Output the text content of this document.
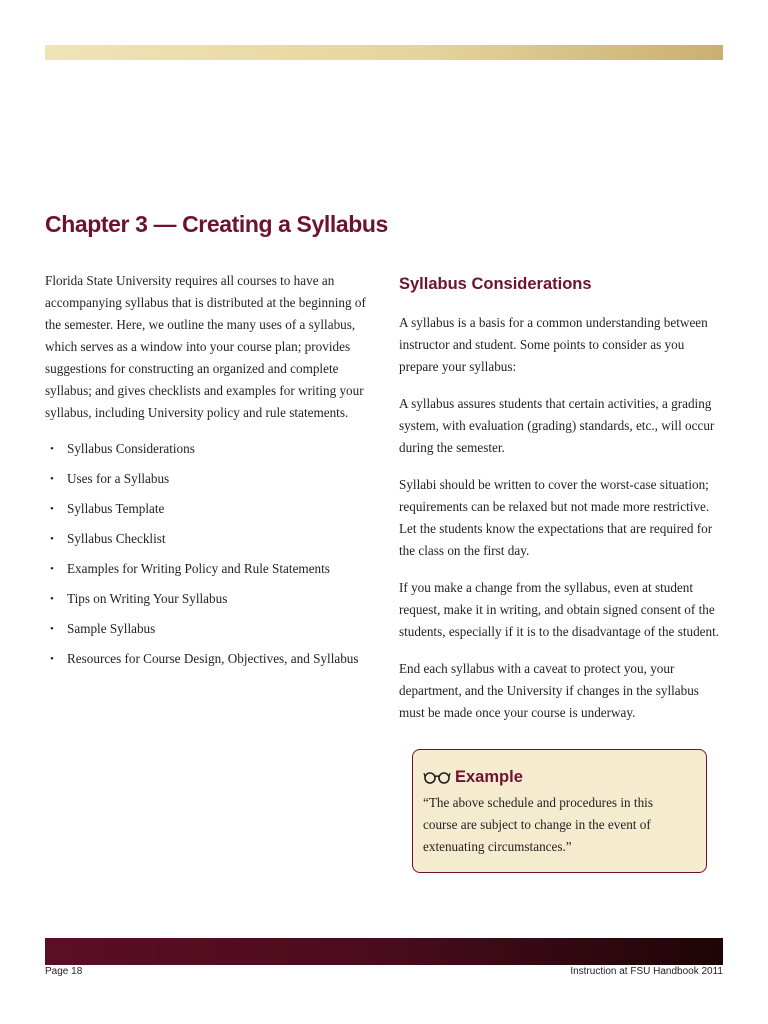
Chapter 3 — Creating a Syllabus

Florida State University requires all courses to have an accompanying syllabus that is distributed at the beginning of the semester. Here, we outline the many uses of a syllabus, which serves as a window into your course plan; provides suggestions for constructing an organized and complete syllabus; and gives checklists and examples for writing your syllabus, including University policy and rule statements.

• Syllabus Considerations
• Uses for a Syllabus
• Syllabus Template
• Syllabus Checklist
• Examples for Writing Policy and Rule Statements
• Tips on Writing Your Syllabus
• Sample Syllabus
• Resources for Course Design, Objectives, and Syllabus
Syllabus Considerations

A syllabus is a basis for a common understanding between instructor and student. Some points to consider as you prepare your syllabus:

A syllabus assures students that certain activities, a grading system, with evaluation (grading) standards, etc., will occur during the semester.

Syllabi should be written to cover the worst-case situation; requirements can be relaxed but not made more restrictive. Let the students know the expectations that are required for the class on the first day.

If you make a change from the syllabus, even at student request, make it in writing, and obtain signed consent of the students, especially if it is to the disadvantage of the student.

End each syllabus with a caveat to protect you, your department, and the University if changes in the syllabus must be made once your course is underway.

Example

“The above schedule and procedures in this course are subject to change in the event of extenuating circumstances.”

Page 18	Instruction at FSU Handbook 2011
